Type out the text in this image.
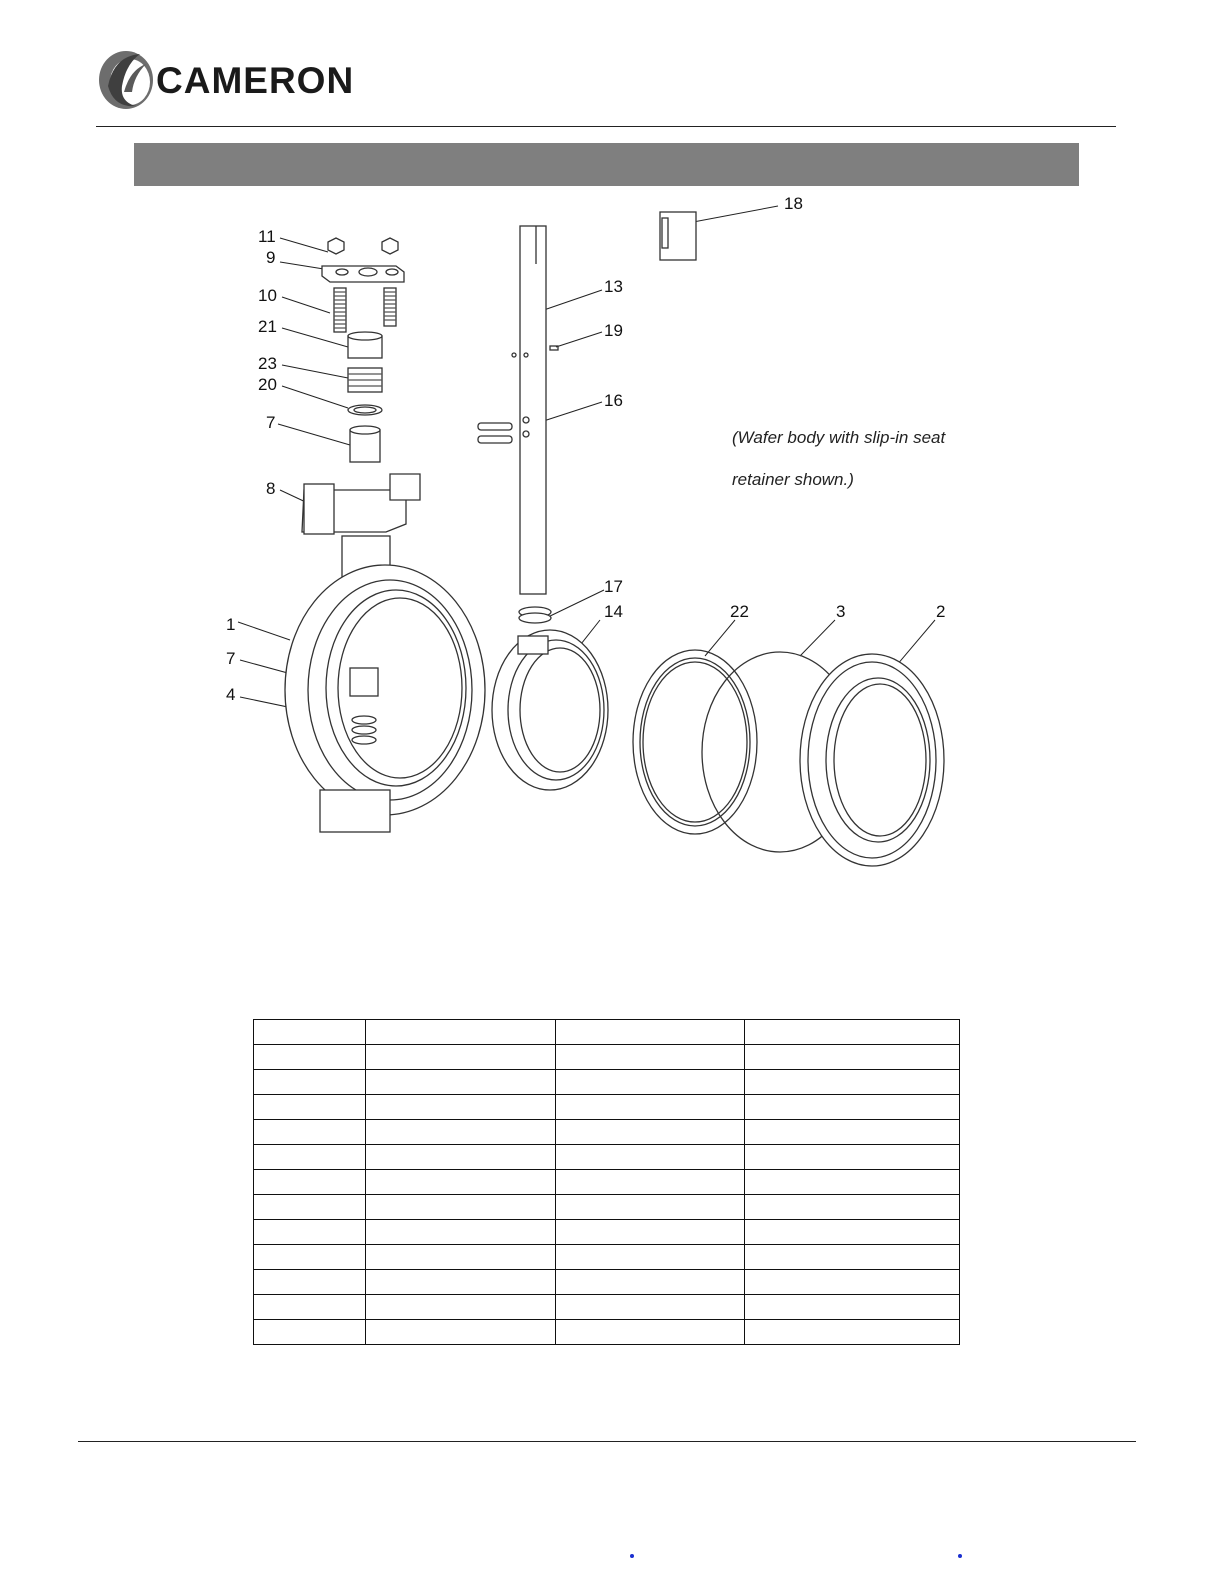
CAMERON
11
9
10
21
23
20
7
8
1
7
4
13
19
16
17
14
18
22	3	2

(Wafer body with slip-in seat

retainer shown.)
